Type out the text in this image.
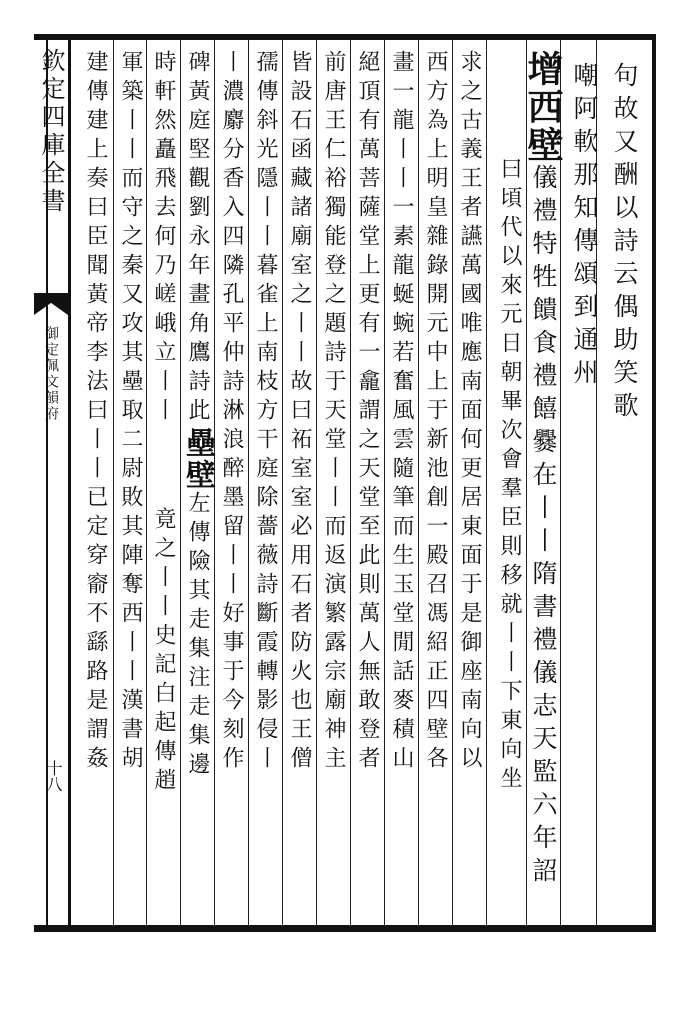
欽定四庫全書
御定佩文韻府
十八
句故又酬以詩云偶助笑歌
嘲阿軟那知傳頌到通州
增西壁儀禮特牲饋食禮饎爨在丨丨隋書禮儀志天監六年詔
曰頃代以來元日朝畢次會羣臣則移就丨丨下東向坐
求之古義王者讌萬國唯應南面何更居東面于是御座南向以
西方為上明皇雜錄開元中上于新池創一殿召馮紹正四壁各
畫一龍丨丨一素龍蜒蜿若奮風雲隨筆而生玉堂閒話麥積山
絕頂有萬菩薩堂上更有一龕謂之天堂至此則萬人無敢登者
前唐王仁裕獨能登之題詩于天堂丨丨而返演繁露宗廟神主
皆設石函藏諸廟室之丨丨故曰祏室室必用石者防火也王僧
孺傳斜光隱丨丨暮雀上南枝方干庭除薔薇詩斷霞轉影侵丨
丨濃麝分香入四隣孔平仲詩淋浪醉墨留丨丨好事于今刻作
碑黃庭堅觀劉永年畫角鷹詩此壘壁左傳險其走集注走集邊
時軒然矗飛去何乃嵯峨立丨丨竟之丨丨史記白起傳趙
軍築丨丨而守之秦又攻其壘取二尉敗其陣奪西丨丨漢書胡
建傳建上奏曰臣聞黃帝李法曰丨丨已定穿窬不繇路是謂姦
